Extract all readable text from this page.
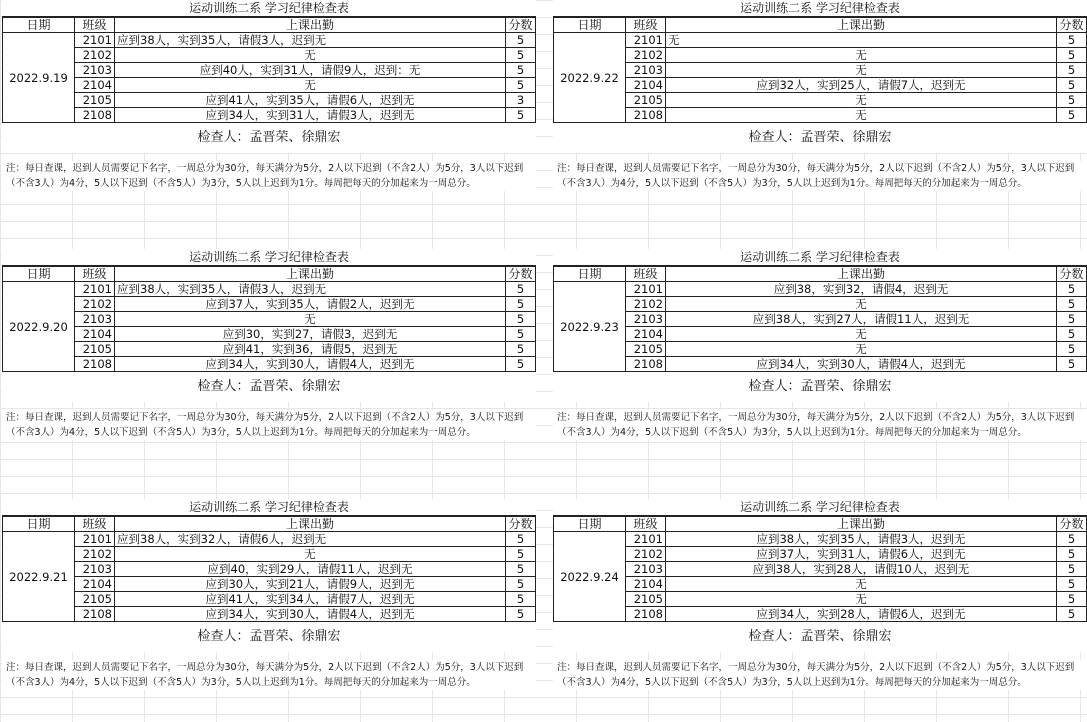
运动训练二系 学习纪律检查表
日期	班级	上课出勤	分数
2022.9.19	2101	应到38人，实到35人，请假3人，迟到无	5
	2102	无	5
	2103	应到40人，实到31人，请假9人，迟到：无	5
	2104	无	5
	2105	应到41人，实到35人，请假6人，迟到无	3
	2108	应到34人，实到31人，请假3人，迟到无	5
检查人：孟晋荣、徐鼎宏
注：每日查课，迟到人员需要记下名字，一周总分为30分，每天满分为5分，2人以下迟到（不含2人）为5分，3人以下迟到（不含3人）为4分，5人以下迟到（不含5人）为3分，5人以上迟到为1分。每周把每天的分加起来为一周总分。
运动训练二系 学习纪律检查表
日期	班级	上课出勤	分数
2022.9.22	2101	无	5
	2102	无	5
	2103	无	5
	2104	应到32人，实到25人，请假7人，迟到无	5
	2105	无	5
	2108	无	5
检查人：孟晋荣、徐鼎宏
注：每日查课，迟到人员需要记下名字，一周总分为30分，每天满分为5分，2人以下迟到（不含2人）为5分，3人以下迟到（不含3人）为4分，5人以下迟到（不含5人）为3分，5人以上迟到为1分。每周把每天的分加起来为一周总分。
运动训练二系 学习纪律检查表
日期	班级	上课出勤	分数
2022.9.20	2101	应到38人，实到35人，请假3人，迟到无	5
	2102	应到37人，实到35人，请假2人，迟到无	5
	2103	无	5
	2104	应到30，实到27，请假3，迟到无	5
	2105	应到41，实到36，请假5，迟到无	5
	2108	应到34人，实到30人，请假4人，迟到无	5
检查人：孟晋荣、徐鼎宏
注：每日查课，迟到人员需要记下名字，一周总分为30分，每天满分为5分，2人以下迟到（不含2人）为5分，3人以下迟到（不含3人）为4分，5人以下迟到（不含5人）为3分，5人以上迟到为1分。每周把每天的分加起来为一周总分。
运动训练二系 学习纪律检查表
日期	班级	上课出勤	分数
2022.9.23	2101	应到38，实到32，请假4，迟到无	5
	2102	无	5
	2103	应到38人，实到27人，请假11人，迟到无	5
	2104	无	5
	2105	无	5
	2108	应到34人，实到30人，请假4人，迟到无	5
检查人：孟晋荣、徐鼎宏
注：每日查课，迟到人员需要记下名字，一周总分为30分，每天满分为5分，2人以下迟到（不含2人）为5分，3人以下迟到（不含3人）为4分，5人以下迟到（不含5人）为3分，5人以上迟到为1分。每周把每天的分加起来为一周总分。
运动训练二系 学习纪律检查表
日期	班级	上课出勤	分数
2022.9.21	2101	应到38人，实到32人，请假6人，迟到无	5
	2102	无	5
	2103	应到40，实到29人，请假11人，迟到无	5
	2104	应到30人，实到21人，请假9人，迟到无	5
	2105	应到41人，实到34人，请假7人，迟到无	5
	2108	应到34人，实到30人，请假4人，迟到无	5
检查人：孟晋荣、徐鼎宏
注：每日查课，迟到人员需要记下名字，一周总分为30分，每天满分为5分，2人以下迟到（不含2人）为5分，3人以下迟到（不含3人）为4分，5人以下迟到（不含5人）为3分，5人以上迟到为1分。每周把每天的分加起来为一周总分。
运动训练二系 学习纪律检查表
日期	班级	上课出勤	分数
2022.9.24	2101	应到38人，实到35人，请假3人，迟到无	5
	2102	应到37人，实到31人，请假6人，迟到无	5
	2103	应到38人，实到28人，请假10人，迟到无	5
	2104	无	5
	2105	无	5
	2108	应到34人，实到28人，请假6人，迟到无	5
检查人：孟晋荣、徐鼎宏
注：每日查课，迟到人员需要记下名字，一周总分为30分，每天满分为5分，2人以下迟到（不含2人）为5分，3人以下迟到（不含3人）为4分，5人以下迟到（不含5人）为3分，5人以上迟到为1分。每周把每天的分加起来为一周总分。
